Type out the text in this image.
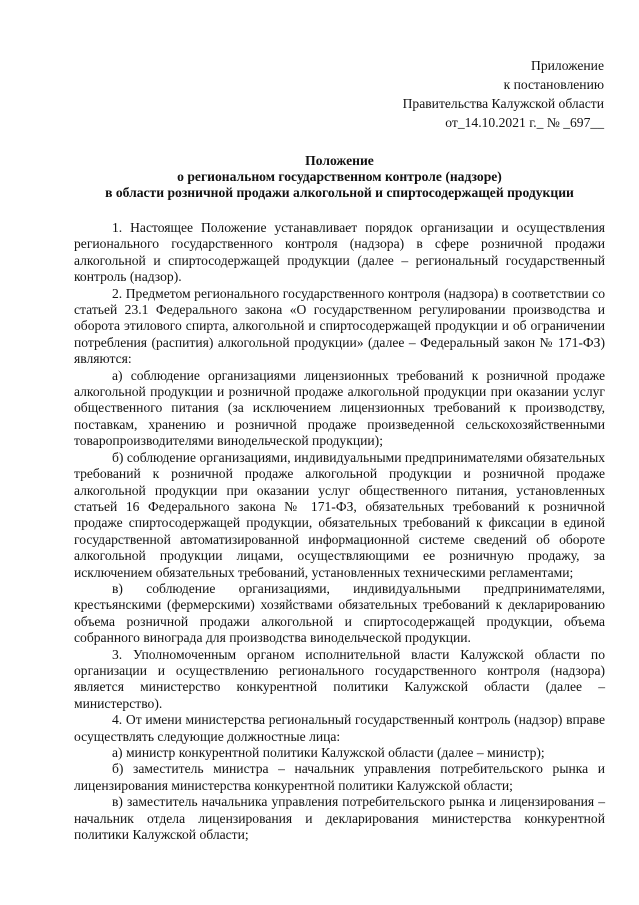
Приложение
к постановлению
Правительства Калужской области
от_14.10.2021 г._ № _697__
Положение
о региональном государственном контроле (надзоре)
в области розничной продажи алкогольной и спиртосодержащей продукции

1. Настоящее Положение устанавливает порядок организации и осуществления регионального государственного контроля (надзора) в сфере розничной продажи алкогольной и спиртосодержащей продукции (далее – региональный государственный контроль (надзор).

2. Предметом регионального государственного контроля (надзора) в соответствии со статьей 23.1 Федерального закона «О государственном регулировании производства и оборота этилового спирта, алкогольной и спиртосодержащей продукции и об ограничении потребления (распития) алкогольной продукции» (далее – Федеральный закон № 171-ФЗ) являются:

а) соблюдение организациями лицензионных требований к розничной продаже алкогольной продукции и розничной продаже алкогольной продукции при оказании услуг общественного питания (за исключением лицензионных требований к производству, поставкам, хранению и розничной продаже произведенной сельскохозяйственными товаропроизводителями винодельческой продукции);

б) соблюдение организациями, индивидуальными предпринимателями обязательных требований к розничной продаже алкогольной продукции и розничной продаже алкогольной продукции при оказании услуг общественного питания, установленных статьей 16 Федерального закона № 171-ФЗ, обязательных требований к розничной продаже спиртосодержащей продукции, обязательных требований к фиксации в единой государственной автоматизированной информационной системе сведений об обороте алкогольной продукции лицами, осуществляющими ее розничную продажу, за исключением обязательных требований, установленных техническими регламентами;

в) соблюдение организациями, индивидуальными предпринимателями, крестьянскими (фермерскими) хозяйствами обязательных требований к декларированию объема розничной продажи алкогольной и спиртосодержащей продукции, объема собранного винограда для производства винодельческой продукции.

3. Уполномоченным органом исполнительной власти Калужской области по организации и осуществлению регионального государственного контроля (надзора) является министерство конкурентной политики Калужской области (далее – министерство).

4. От имени министерства региональный государственный контроль (надзор) вправе осуществлять следующие должностные лица:

а) министр конкурентной политики Калужской области (далее – министр);

б) заместитель министра – начальник управления потребительского рынка и лицензирования министерства конкурентной политики Калужской области;

в) заместитель начальника управления потребительского рынка и лицензирования – начальник отдела лицензирования и декларирования министерства конкурентной политики Калужской области;
